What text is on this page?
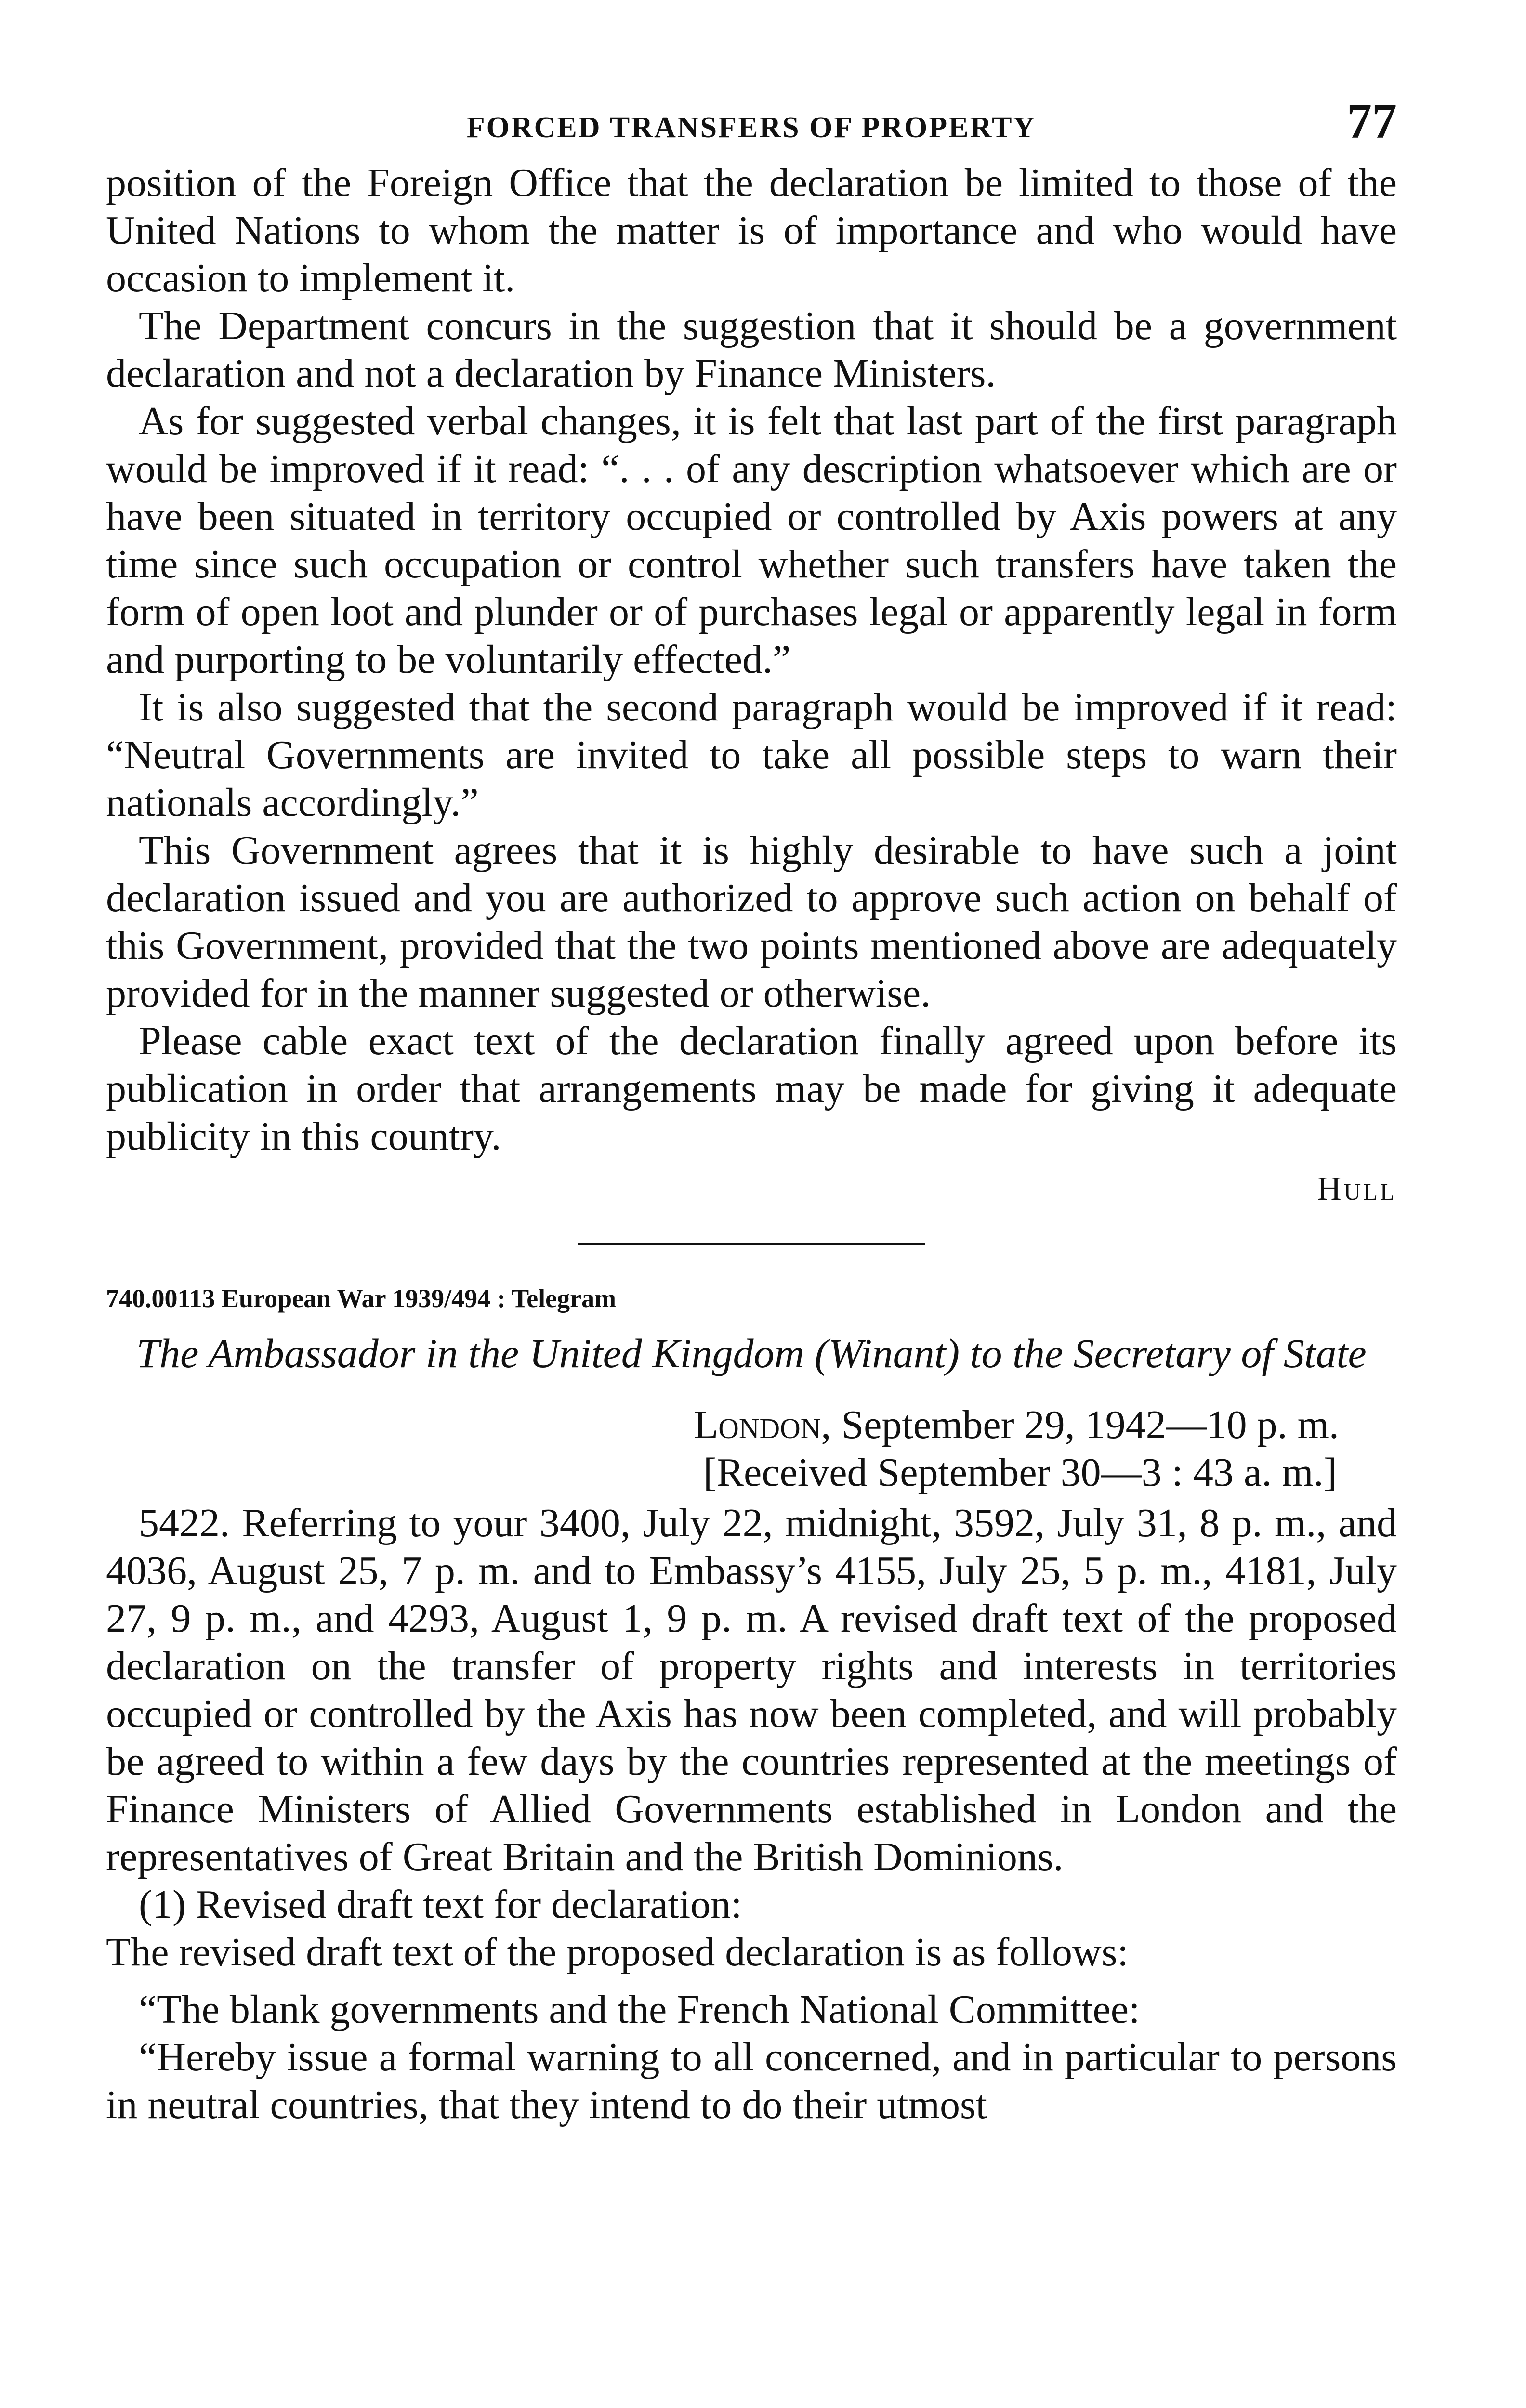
FORCED TRANSFERS OF PROPERTY	77

position of the Foreign Office that the declaration be limited to those of the United Nations to whom the matter is of importance and who would have occasion to implement it.

The Department concurs in the suggestion that it should be a government declaration and not a declaration by Finance Ministers.

As for suggested verbal changes, it is felt that last part of the first paragraph would be improved if it read: “. . . of any description whatsoever which are or have been situated in territory occupied or controlled by Axis powers at any time since such occupation or control whether such transfers have taken the form of open loot and plunder or of purchases legal or apparently legal in form and purporting to be voluntarily effected.”

It is also suggested that the second paragraph would be improved if it read: “Neutral Governments are invited to take all possible steps to warn their nationals accordingly.”

This Government agrees that it is highly desirable to have such a joint declaration issued and you are authorized to approve such action on behalf of this Government, provided that the two points mentioned above are adequately provided for in the manner suggested or otherwise.

Please cable exact text of the declaration finally agreed upon before its publication in order that arrangements may be made for giving it adequate publicity in this country.

Hull
740.00113 European War 1939/494 : Telegram

The Ambassador in the United Kingdom (Winant) to the Secretary of State

London, September 29, 1942—10 p. m.
[Received September 30—3 : 43 a. m.]

5422. Referring to your 3400, July 22, midnight, 3592, July 31, 8 p. m., and 4036, August 25, 7 p. m. and to Embassy’s 4155, July 25, 5 p. m., 4181, July 27, 9 p. m., and 4293, August 1, 9 p. m. A revised draft text of the proposed declaration on the transfer of property rights and interests in territories occupied or controlled by the Axis has now been completed, and will probably be agreed to within a few days by the countries represented at the meetings of Finance Ministers of Allied Governments established in London and the representatives of Great Britain and the British Dominions.

(1) Revised draft text for declaration:

The revised draft text of the proposed declaration is as follows:

“The blank governments and the French National Committee:

“Hereby issue a formal warning to all concerned, and in particular to persons in neutral countries, that they intend to do their utmost
